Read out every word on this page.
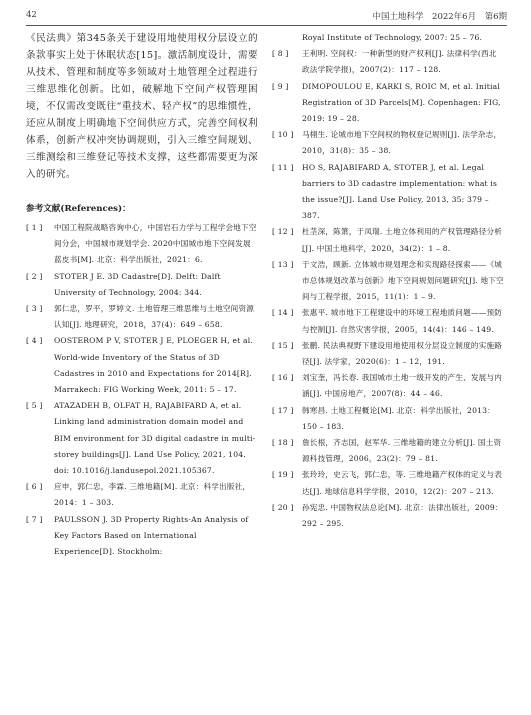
42	中国土地科学　2022年6月　第6期

《民法典》第345条关于建设用地使用权分层设立的条款事实上处于休眠状态[15]。激活制度设计，需要从技术、管理和制度等多领域对土地管理全过程进行三维思维化创新。比如，破解地下空间产权管理困境，不仅需改变既往“重技术、轻产权”的思维惯性，还应从制度上明确地下空间供应方式，完善空间权利体系，创新产权冲突协调规则，引入三维空间规划、三维测绘和三维登记等技术支撑，这些都需要更为深入的研究。

参考文献(References)：
[ 1 ] 中国工程院战略咨询中心，中国岩石力学与工程学会地下空间分会，中国城市规划学会. 2020中国城市地下空间发展蓝皮书[M]. 北京：科学出版社，2021：6.
[ 2 ] STOTER J E. 3D Cadastre[D]. Delft: Dalft University of Technology, 2004: 344.
[ 3 ] 郭仁忠，罗平，罗婷文. 土地管理三维思维与土地空间资源认知[J]. 地理研究，2018，37(4)：649 – 658.
[ 4 ] OOSTEROM P V, STOTER J E, PLOEGER H, et al. World-wide Inventory of the Status of 3D Cadastres in 2010 and Expectations for 2014[R]. Marrakech: FIG Working Week, 2011: 5 – 17.
[ 5 ] ATAZADEH B, OLFAT H, RAJABIFARD A, et al. Linking land administration domain model and BIM environment for 3D digital cadastre in multi-storey buildings[J]. Land Use Policy, 2021, 104. doi: 10.1016/j.landusepol.2021.105367.
[ 6 ] 应申，郭仁忠，李霖. 三维地籍[M]. 北京：科学出版社，2014：1 – 303.
[ 7 ] PAULSSON J. 3D Property Rights-An Analysis of Key Factors Based on International Experience[D]. Stockholm:
Royal Institute of Technology, 2007: 25 – 76.
[ 8 ] 王利明. 空间权：一种新型的财产权利[J]. 法律科学(西北政法学院学报)，2007(2)：117 – 128.
[ 9 ] DIMOPOULOU E, KARKI S, ROIC M, et al. Initial Registration of 3D Parcels[M]. Copenhagen: FIG, 2019: 19 – 28.
[ 10 ] 马栩生. 论城市地下空间权的物权登记规则[J]. 法学杂志，2010，31(8)：35 – 38.
[ 11 ] HO S, RAJABIFARD A, STOTER J, et al. Legal barriers to 3D cadastre implementation: what is the issue?[J]. Land Use Policy, 2013, 35: 379 – 387.
[ 12 ] 杜茎深，陈箫，于凤瑞. 土地立体利用的产权管理路径分析[J]. 中国土地科学，2020，34(2)：1 – 8.
[ 13 ] 于文浩，顾新. 立体城市规划理念和实现路径探索——《城市总体规划改革与创新》地下空间规划问题研究[J]. 地下空间与工程学报，2015，11(1)：1 – 9.
[ 14 ] 张惠平. 城市地下工程建设中的环境工程地质问题——预防与控制[J]. 自然灾害学报，2005，14(4)：146 – 149.
[ 15 ] 张鹏. 民法典视野下建设用地使用权分层设立制度的实施路径[J]. 法学家，2020(6)：1 – 12，191.
[ 16 ] 刘宝奎，冯长春. 我国城市土地一级开发的产生、发展与内涵[J]. 中国房地产，2007(8)：44 – 46.
[ 17 ] 韩寒昌. 土地工程概论[M]. 北京：科学出版社，2013：150 – 183.
[ 18 ] 詹长根，齐志国，赵军华. 三维地籍的建立分析[J]. 国土资源科技管理，2006，23(2)：79 – 81.
[ 19 ] 张玲玲，史云飞，郭仁忠，等. 三维地籍产权体的定义与表达[J]. 地球信息科学学报，2010，12(2)：207 – 213.
[ 20 ] 孙宪忠. 中国物权法总论[M]. 北京：法律出版社，2009：292 – 295.
